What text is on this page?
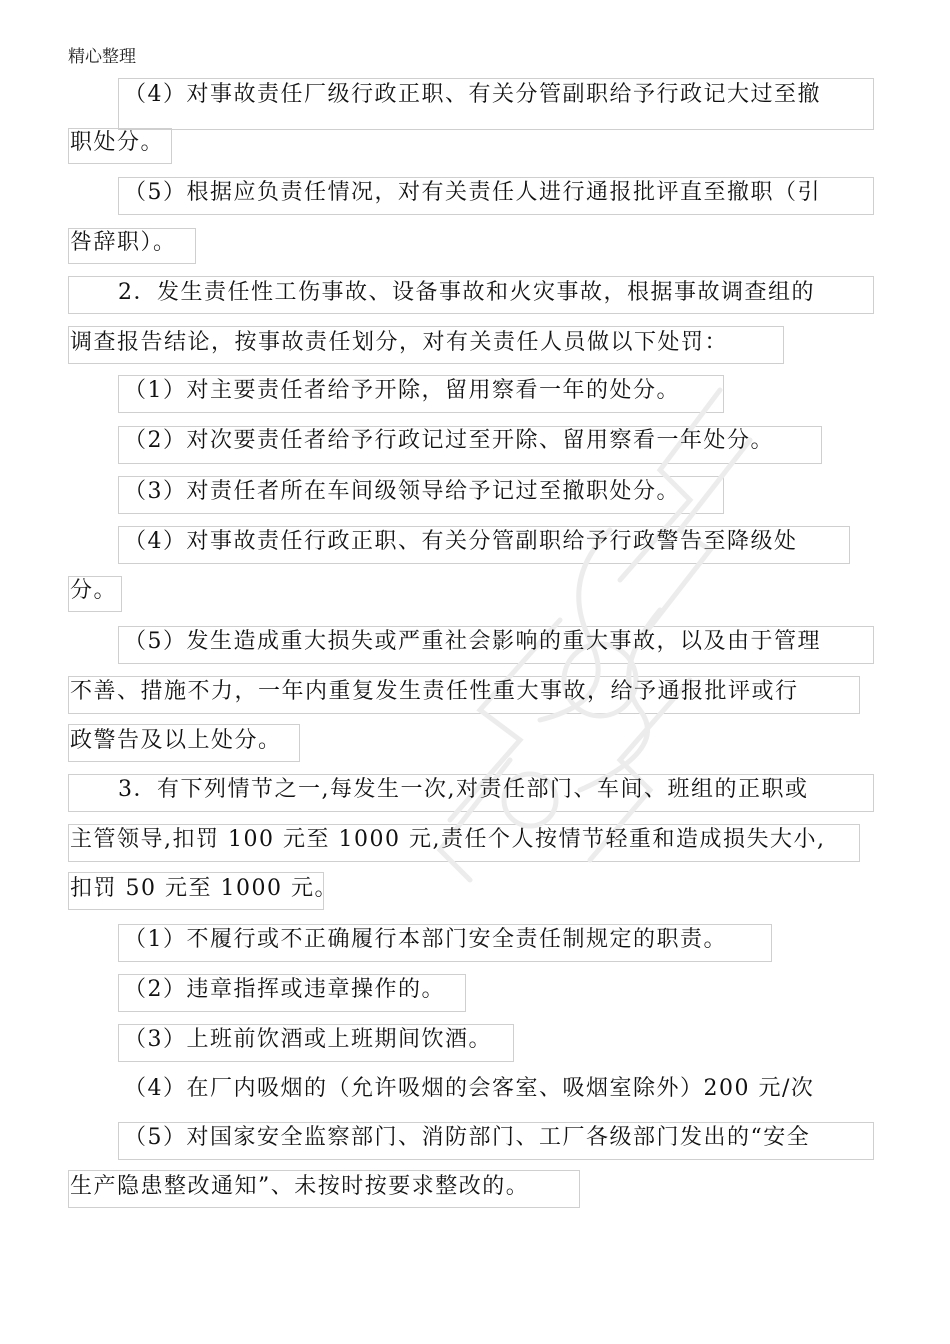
精心整理
（4）对事故责任厂级行政正职、有关分管副职给予行政记大过至撤
职处分。
（5）根据应负责任情况，对有关责任人进行通报批评直至撤职（引
咎辞职）。
2．发生责任性工伤事故、设备事故和火灾事故，根据事故调查组的
调查报告结论，按事故责任划分，对有关责任人员做以下处罚：
（1）对主要责任者给予开除，留用察看一年的处分。
（2）对次要责任者给予行政记过至开除、留用察看一年处分。
（3）对责任者所在车间级领导给予记过至撤职处分。
（4）对事故责任行政正职、有关分管副职给予行政警告至降级处
分。
（5）发生造成重大损失或严重社会影响的重大事故，以及由于管理
不善、措施不力，一年内重复发生责任性重大事故，给予通报批评或行
政警告及以上处分。
3．有下列情节之一,每发生一次,对责任部门、车间、班组的正职或
主管领导,扣罚 100 元至 1000 元,责任个人按情节轻重和造成损失大小,
扣罚 50 元至 1000 元。
（1）不履行或不正确履行本部门安全责任制规定的职责。
（2）违章指挥或违章操作的。
（3）上班前饮酒或上班期间饮酒。
（4）在厂内吸烟的（允许吸烟的会客室、吸烟室除外）200 元/次
（5）对国家安全监察部门、消防部门、工厂各级部门发出的“安全
生产隐患整改通知”、未按时按要求整改的。
